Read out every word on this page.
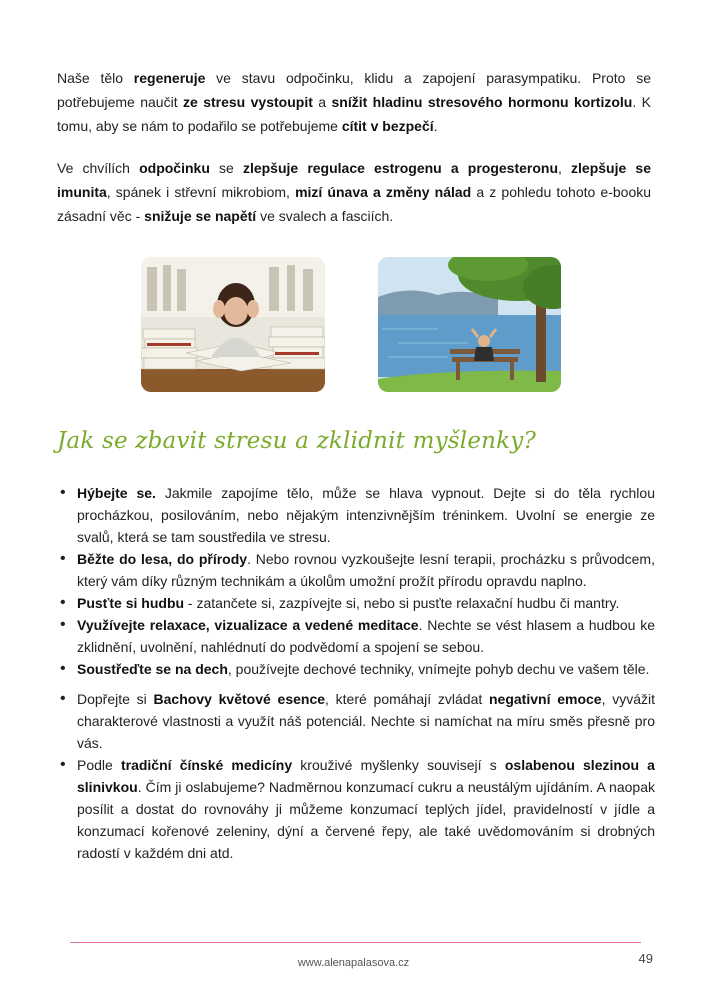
Naše tělo regeneruje ve stavu odpočinku, klidu a zapojení parasympatiku. Proto se potřebujeme naučit ze stresu vystoupit a snížit hladinu stresového hormonu kortizolu. K tomu, aby se nám to podařilo se potřebujeme cítit v bezpečí.

Ve chvílích odpočinku se zlepšuje regulace estrogenu a progesteronu, zlepšuje se imunita, spánek i střevní mikrobiom, mizí únava a změny nálad a z pohledu tohoto e-booku zásadní věc - snižuje se napětí ve svalech a fasciích.

Jak se zbavit stresu a zklidnit myšlenky?
• Hýbejte se. Jakmile zapojíme tělo, může se hlava vypnout. Dejte si do těla rychlou procházkou, posilováním, nebo nějakým intenzivnějším tréninkem. Uvolní se energie ze svalů, která se tam soustředila ve stresu.
• Běžte do lesa, do přírody. Nebo rovnou vyzkoušejte lesní terapii, procházku s průvodcem, který vám díky různým technikám a úkolům umožní prožít přírodu opravdu naplno.
• Pusťte si hudbu - zatančete si, zazpívejte si, nebo si pusťte relaxační hudbu či mantry.
• Využívejte relaxace, vizualizace a vedené meditace. Nechte se vést hlasem a hudbou ke zklidnění, uvolnění, nahlédnutí do podvědomí a spojení se sebou.
• Soustřeďte se na dech, používejte dechové techniky, vnímejte pohyb dechu ve vašem těle.
• Dopřejte si Bachovy květové esence, které pomáhají zvládat negativní emoce, vyvážit charakterové vlastnosti a využít náš potenciál. Nechte si namíchat na míru směs přesně pro vás.
• Podle tradiční čínské medicíny krouživé myšlenky souvisejí s oslabenou slezinou a slinivkou. Čím ji oslabujeme? Nadměrnou konzumací cukru a neustálým ujídáním. A naopak posílit a dostat do rovnováhy ji můžeme konzumací teplých jídel, pravidelností v jídle a konzumací kořenové zeleniny, dýní a červené řepy, ale také uvědomováním si drobných radostí v každém dni atd.
www.alenapalasova.cz	49
